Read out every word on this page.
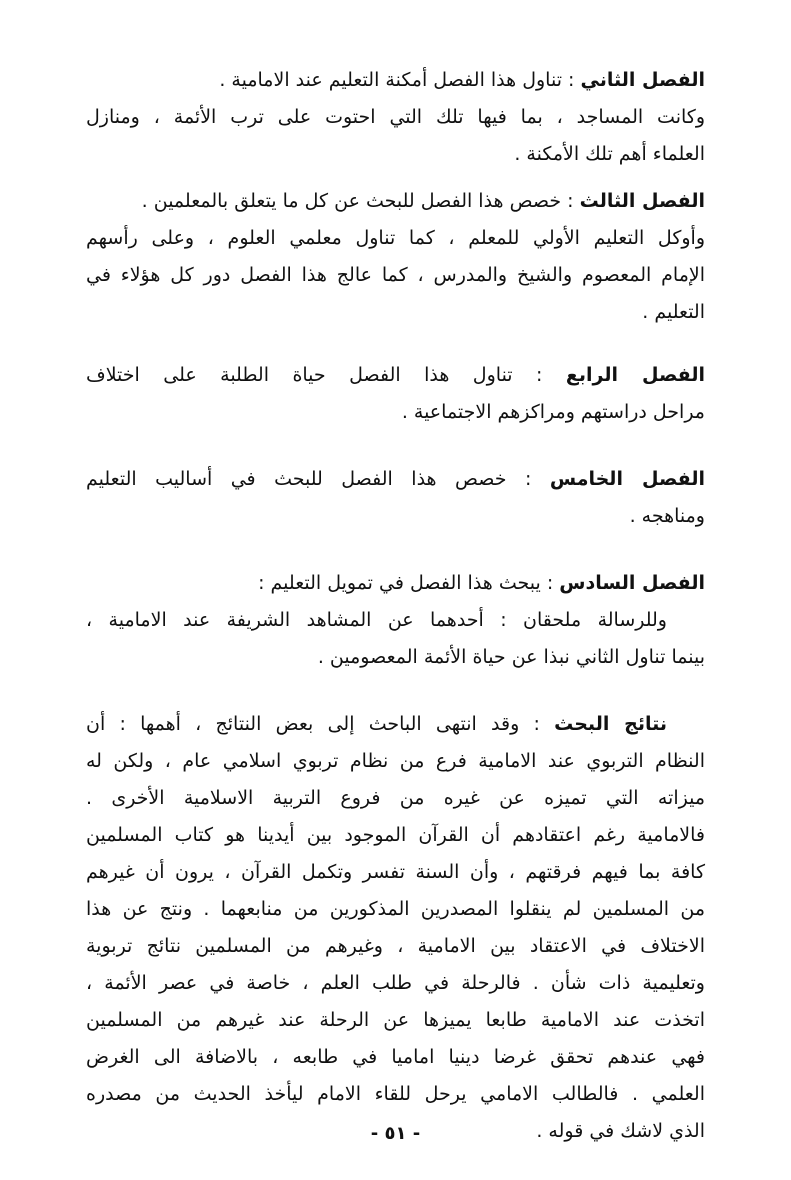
الفصل الثاني : تناول هذا الفصل أمكنة التعليم عند الامامية .
وكانت المساجد ، بما فيها تلك التي احتوت على ترب الأئمة ، ومنازل
العلماء أهم تلك الأمكنة .
الفصل الثالث : خصص هذا الفصل للبحث عن كل ما يتعلق بالمعلمين .
وأوكل التعليم الأولي للمعلم ، كما تناول معلمي العلوم ، وعلى رأسهم
الإمام المعصوم والشيخ والمدرس ، كما عالج هذا الفصل دور كل هؤلاء في
التعليم .
الفصل الرابع : تناول هذا الفصل حياة الطلبة على اختلاف
مراحل دراستهم ومراكزهم الاجتماعية .
الفصل الخامس : خصص هذا الفصل للبحث في أساليب التعليم
ومناهجه .
الفصل السادس : يبحث هذا الفصل في تمويل التعليم :
وللرسالة ملحقان : أحدهما عن المشاهد الشريفة عند الامامية ،
بينما تناول الثاني نبذا عن حياة الأئمة المعصومين .
نتائج البحث : وقد انتهى الباحث إلى بعض النتائج ، أهمها : أن
النظام التربوي عند الامامية فرع من نظام تربوي اسلامي عام ، ولكن له
ميزاته التي تميزه عن غيره من فروع التربية الاسلامية الأخرى .
فالامامية رغم اعتقادهم أن القرآن الموجود بين أيدينا هو كتاب المسلمين
كافة بما فيهم فرقتهم ، وأن السنة تفسر وتكمل القرآن ، يرون أن غيرهم
من المسلمين لم ينقلوا المصدرين المذكورين من منابعهما . ونتج عن هذا
الاختلاف في الاعتقاد بين الامامية ، وغيرهم من المسلمين نتائج تربوية
وتعليمية ذات شأن . فالرحلة في طلب العلم ، خاصة في عصر الأئمة ،
اتخذت عند الامامية طابعا يميزها عن الرحلة عند غيرهم من المسلمين
فهي عندهم تحقق غرضا دينيا اماميا في طابعه ، بالاضافة الى الغرض
العلمي . فالطالب الامامي يرحل للقاء الامام ليأخذ الحديث من مصدره
الذي لاشك في قوله .
- ٥١ -
